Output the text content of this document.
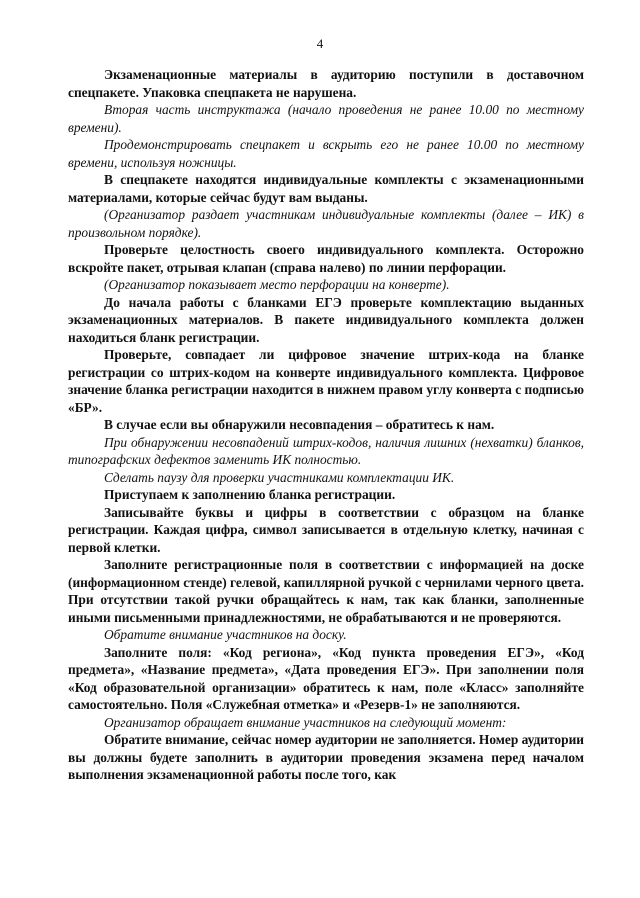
4

Экзаменационные материалы в аудиторию поступили в доставочном спецпакете. Упаковка спецпакета не нарушена.

Вторая часть инструктажа (начало проведения не ранее 10.00 по местному времени).

Продемонстрировать спецпакет и вскрыть его не ранее 10.00 по местному времени, используя ножницы.

В спецпакете находятся индивидуальные комплекты с экзаменационными материалами, которые сейчас будут вам выданы.

(Организатор раздает участникам индивидуальные комплекты (далее – ИК) в произвольном порядке).

Проверьте целостность своего индивидуального комплекта. Осторожно вскройте пакет, отрывая клапан (справа налево) по линии перфорации.

(Организатор показывает место перфорации на конверте).

До начала работы с бланками ЕГЭ проверьте комплектацию выданных экзаменационных материалов. В пакете индивидуального комплекта должен находиться бланк регистрации.

Проверьте, совпадает ли цифровое значение штрих-кода на бланке регистрации со штрих-кодом на конверте индивидуального комплекта. Цифровое значение бланка регистрации находится в нижнем правом углу конверта с подписью «БР».

В случае если вы обнаружили несовпадения – обратитесь к нам.

При обнаружении несовпадений штрих-кодов, наличия лишних (нехватки) бланков, типографских дефектов заменить ИК полностью.

Сделать паузу для проверки участниками комплектации ИК.

Приступаем к заполнению бланка регистрации.

Записывайте буквы и цифры в соответствии с образцом на бланке регистрации. Каждая цифра, символ записывается в отдельную клетку, начиная с первой клетки.

Заполните регистрационные поля в соответствии с информацией на доске (информационном стенде) гелевой, капиллярной ручкой с чернилами черного цвета. При отсутствии такой ручки обращайтесь к нам, так как бланки, заполненные иными письменными принадлежностями, не обрабатываются и не проверяются.

Обратите внимание участников на доску.

Заполните поля: «Код региона», «Код пункта проведения ЕГЭ», «Код предмета», «Название предмета», «Дата проведения ЕГЭ». При заполнении поля «Код образовательной организации» обратитесь к нам, поле «Класс» заполняйте самостоятельно. Поля «Служебная отметка» и «Резерв-1» не заполняются.

Организатор обращает внимание участников на следующий момент:

Обратите внимание, сейчас номер аудитории не заполняется. Номер аудитории вы должны будете заполнить в аудитории проведения экзамена перед началом выполнения экзаменационной работы после того, как
